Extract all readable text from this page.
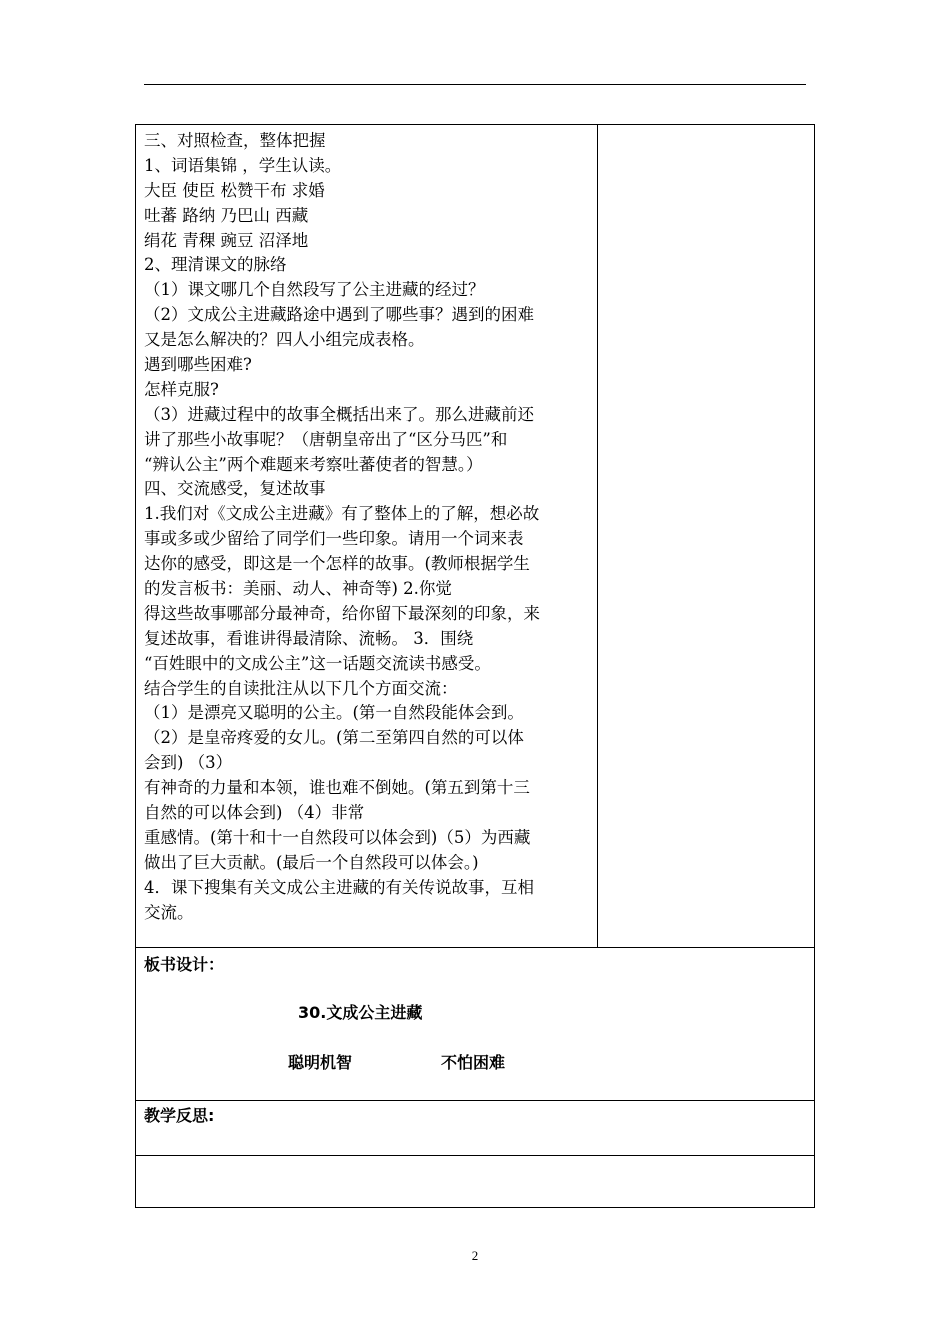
三、对照检查，整体把握
1、词语集锦 ，学生认读。
大臣 使臣 松赞干布 求婚
吐蕃 路纳 乃巴山 西藏
绢花 青稞 豌豆 沼泽地
2、理清课文的脉络
（1）课文哪几个自然段写了公主进藏的经过？
（2）文成公主进藏路途中遇到了哪些事？遇到的困难
又是怎么解决的？四人小组完成表格。
遇到哪些困难?
怎样克服?
（3）进藏过程中的故事全概括出来了。那么进藏前还
讲了那些小故事呢？（唐朝皇帝出了“区分马匹”和
“辨认公主”两个难题来考察吐蕃使者的智慧。）
四、交流感受，复述故事
1.我们对《文成公主进藏》有了整体上的了解，想必故
事或多或少留给了同学们一些印象。请用一个词来表
达你的感受，即这是一个怎样的故事。(教师根据学生
的发言板书：美丽、动人、神奇等) 2.你觉
得这些故事哪部分最神奇，给你留下最深刻的印象，来
复述故事，看谁讲得最清除、流畅。 3．围绕
“百姓眼中的文成公主”这一话题交流读书感受。
结合学生的自读批注从以下几个方面交流：
（1）是漂亮又聪明的公主。(第一自然段能体会到。
（2）是皇帝疼爱的女儿。(第二至第四自然的可以体
会到) （3）
有神奇的力量和本领，谁也难不倒她。(第五到第十三
自然的可以体会到) （4）非常
重感情。(第十和十一自然段可以体会到)（5）为西藏
做出了巨大贡献。(最后一个自然段可以体会。)
4．课下搜集有关文成公主进藏的有关传说故事，互相
交流。
板书设计：
30.文成公主进藏
聪明机智	不怕困难
教学反思:
2
